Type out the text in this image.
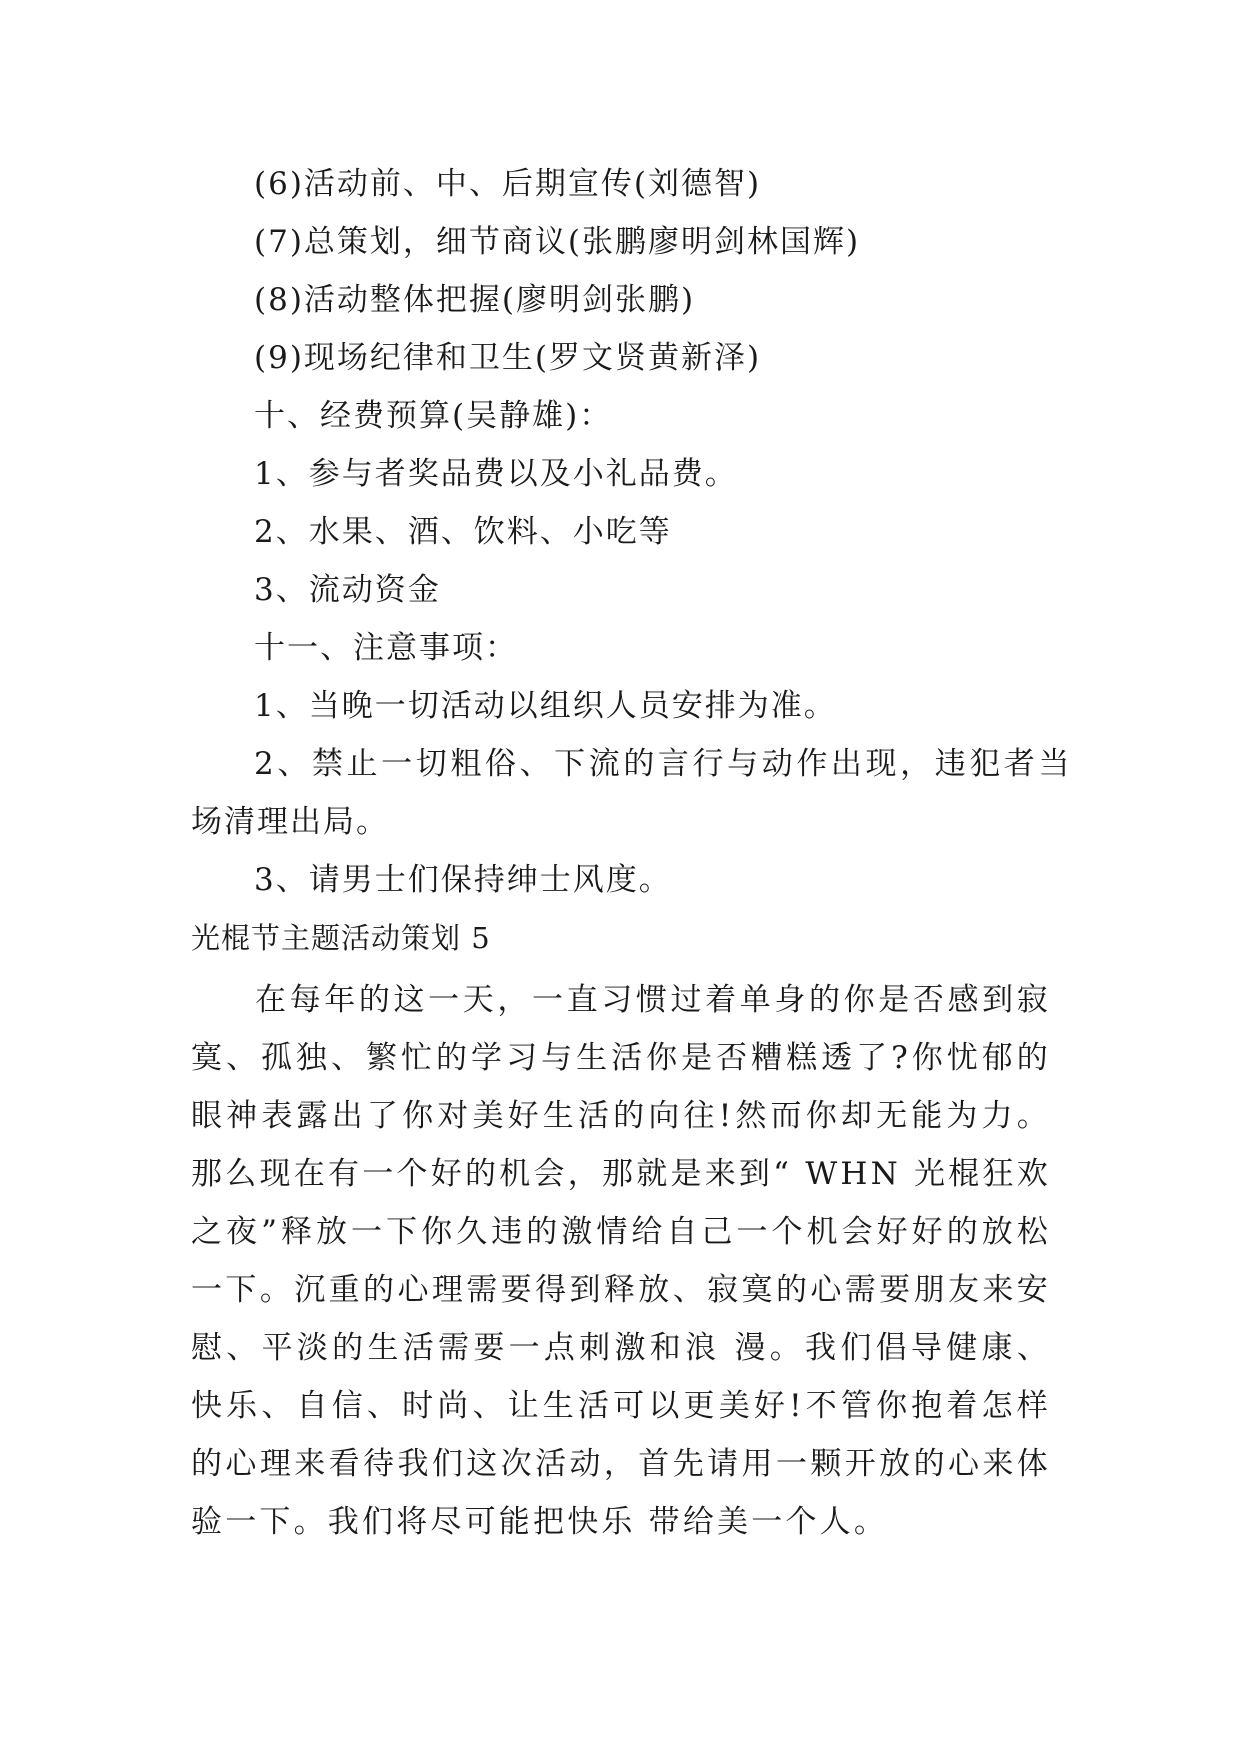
(6)活动前、中、后期宣传(刘德智)
(7)总策划，细节商议(张鹏廖明剑林国辉)
(8)活动整体把握(廖明剑张鹏)
(9)现场纪律和卫生(罗文贤黄新泽)
十、经费预算(吴静雄)：
1、参与者奖品费以及小礼品费。
2、水果、酒、饮料、小吃等
3、流动资金
十一、注意事项：
1、当晚一切活动以组织人员安排为准。
2、禁止一切粗俗、下流的言行与动作出现，违犯者当
场清理出局。
3、请男士们保持绅士风度。
光棍节主题活动策划 5
在每年的这一天，一直习惯过着单身的你是否感到寂寞、孤独、繁忙的学习与生活你是否糟糕透了?你忧郁的眼神表露出了你对美好生活的向往!然而你却无能为力。那么现在有一个好的机会，那就是来到“ WHN 光棍狂欢之夜”释放一下你久违的激情给自己一个机会好好的放松一下。沉重的心理需要得到释放、寂寞的心需要朋友来安慰、平淡的生活需要一点刺激和浪 漫。我们倡导健康、快乐、自信、时尚、让生活可以更美好!不管你抱着怎样的心理来看待我们这次活动，首先请用一颗开放的心来体验一下。我们将尽可能把快乐 带给美一个人。
